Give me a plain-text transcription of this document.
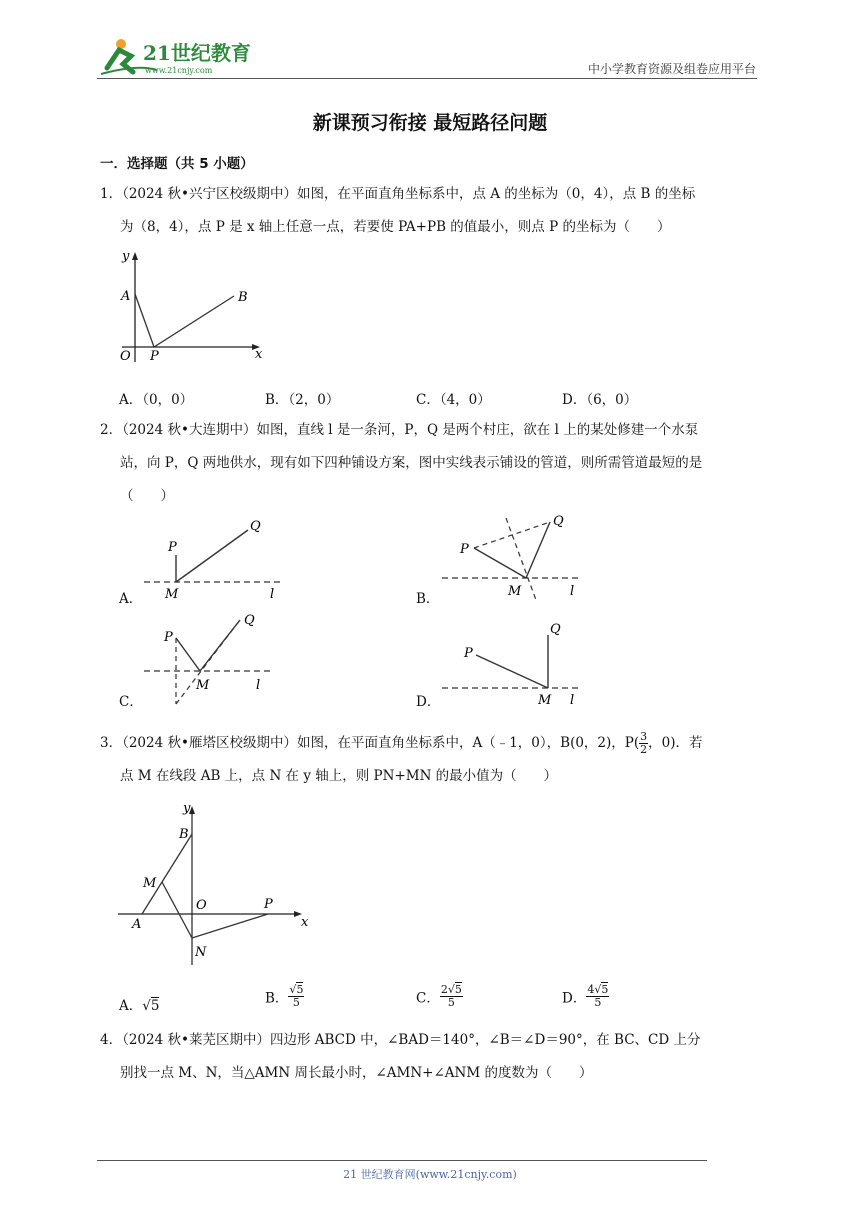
21世纪教育
www.21cnjy.com	中小学教育资源及组卷应用平台
新课预习衔接 最短路径问题
一．选择题（共 5 小题）
1．（2024 秋•兴宁区校级期中）如图，在平面直角坐标系中，点 A 的坐标为（0，4），点 B 的坐标
为（8，4），点 P 是 x 轴上任意一点，若要使 PA+PB 的值最小，则点 P 的坐标为（　　）
y
A	B
O P	x
A．（0，0）	B．（2，0）	C．（4，0）	D．（6，0）
2．（2024 秋•大连期中）如图，直线 l 是一条河，P，Q 是两个村庄，欲在 l 上的某处修建一个水泵
站，向 P，Q 两地供水，现有如下四种铺设方案，图中实线表示铺设的管道，则所需管道最短的是
（　　）
A．
P
Q
M	l	B．
P
Q
M	l
C．
P
Q
M	l
D．
P
Q
M l
3．（2024 秋•雁塔区校级期中）如图，在平面直角坐标系中，A（﹣1，0），B(0，2)，$P( \frac{3}{2}$ ，0)．若
点 M 在线段 AB 上，点 N 在 y 轴上，则 PN+MN 的最小值为（　　）
y
B
M
O	P
A	x
N
A．√5	B． $\frac{√5}{5}$	C． $\frac{2√5}{5}$	D． $\frac{4√5}{5}$
4．（2024 秋•莱芜区期中）四边形 ABCD 中，∠BAD＝140°，∠B＝∠D＝90°，在 BC、CD 上分
别找一点 M、N，当△AMN 周长最小时，∠AMN+∠ANM 的度数为（　　）
21 世纪教育网(www.21cnjy.com)
